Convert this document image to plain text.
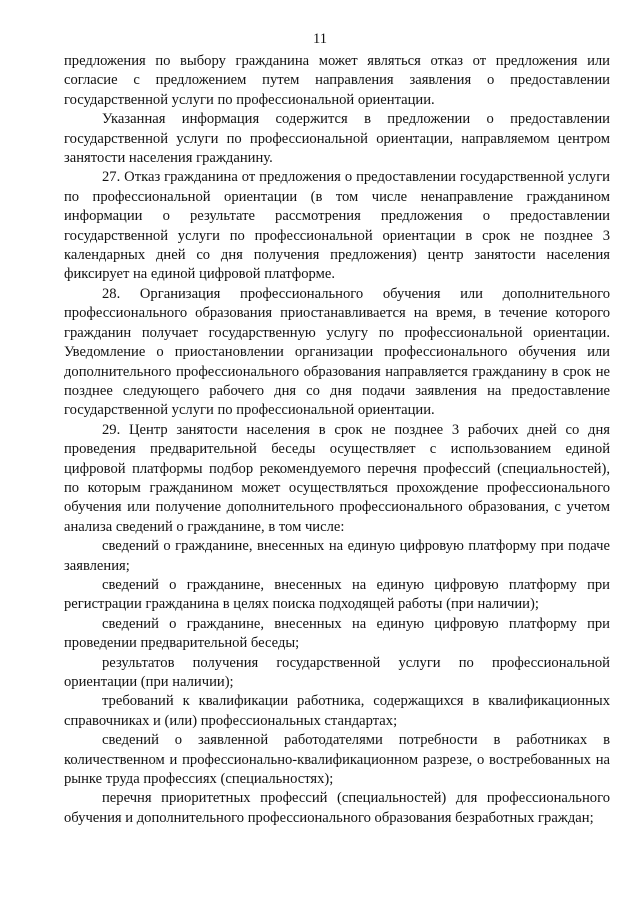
11

предложения по выбору гражданина может являться отказ от предложения или согласие с предложением путем направления заявления о предоставлении государственной услуги по профессиональной ориентации.

Указанная информация содержится в предложении о предоставлении государственной услуги по профессиональной ориентации, направляемом центром занятости населения гражданину.

27. Отказ гражданина от предложения о предоставлении государственной услуги по профессиональной ориентации (в том числе ненаправление гражданином информации о результате рассмотрения предложения о предоставлении государственной услуги по профессиональной ориентации в срок не позднее 3 календарных дней со дня получения предложения) центр занятости населения фиксирует на единой цифровой платформе.

28. Организация профессионального обучения или дополнительного профессионального образования приостанавливается на время, в течение которого гражданин получает государственную услугу по профессиональной ориентации. Уведомление о приостановлении организации профессионального обучения или дополнительного профессионального образования направляется гражданину в срок не позднее следующего рабочего дня со дня подачи заявления на предоставление государственной услуги по профессиональной ориентации.

29. Центр занятости населения в срок не позднее 3 рабочих дней со дня проведения предварительной беседы осуществляет с использованием единой цифровой платформы подбор рекомендуемого перечня профессий (специальностей), по которым гражданином может осуществляться прохождение профессионального обучения или получение дополнительного профессионального образования, с учетом анализа сведений о гражданине, в том числе:

сведений о гражданине, внесенных на единую цифровую платформу при подаче заявления;

сведений о гражданине, внесенных на единую цифровую платформу при регистрации гражданина в целях поиска подходящей работы (при наличии);

сведений о гражданине, внесенных на единую цифровую платформу при проведении предварительной беседы;

результатов получения государственной услуги по профессиональной ориентации (при наличии);

требований к квалификации работника, содержащихся в квалификационных справочниках и (или) профессиональных стандартах;

сведений о заявленной работодателями потребности в работниках в количественном и профессионально-квалификационном разрезе, о востребованных на рынке труда профессиях (специальностях);

перечня приоритетных профессий (специальностей) для профессионального обучения и дополнительного профессионального образования безработных граждан;
